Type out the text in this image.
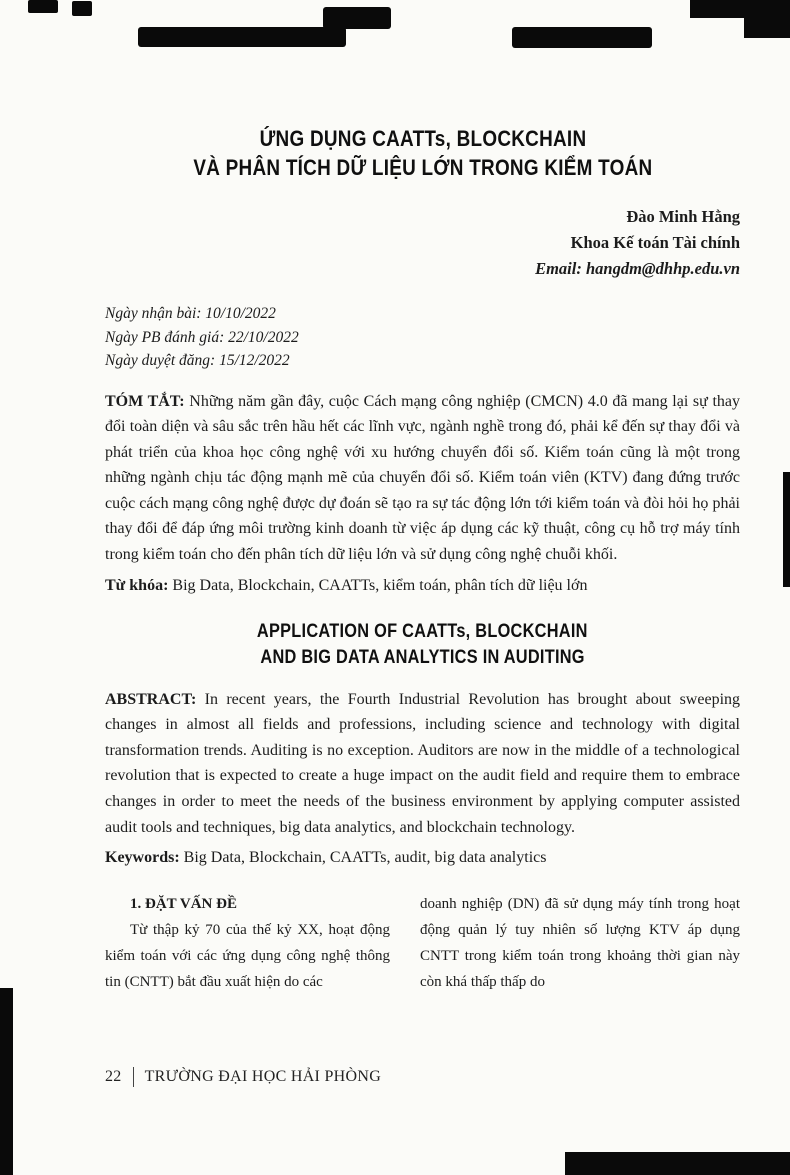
ỨNG DỤNG CAATTs, BLOCKCHAIN
VÀ PHÂN TÍCH DỮ LIỆU LỚN TRONG KIỂM TOÁN
Đào Minh Hằng
Khoa Kế toán Tài chính
Email: hangdm@dhhp.edu.vn
Ngày nhận bài: 10/10/2022
Ngày PB đánh giá: 22/10/2022
Ngày duyệt đăng: 15/12/2022

TÓM TẮT: Những năm gần đây, cuộc Cách mạng công nghiệp (CMCN) 4.0 đã mang lại sự thay đổi toàn diện và sâu sắc trên hầu hết các lĩnh vực, ngành nghề trong đó, phải kể đến sự thay đổi và phát triển của khoa học công nghệ với xu hướng chuyển đổi số. Kiểm toán cũng là một trong những ngành chịu tác động mạnh mẽ của chuyển đổi số. Kiểm toán viên (KTV) đang đứng trước cuộc cách mạng công nghệ được dự đoán sẽ tạo ra sự tác động lớn tới kiểm toán và đòi hỏi họ phải thay đổi để đáp ứng môi trường kinh doanh từ việc áp dụng các kỹ thuật, công cụ hỗ trợ máy tính trong kiểm toán cho đến phân tích dữ liệu lớn và sử dụng công nghệ chuỗi khối.

Từ khóa: Big Data, Blockchain, CAATTs, kiểm toán, phân tích dữ liệu lớn

APPLICATION OF CAATTs, BLOCKCHAIN
AND BIG DATA ANALYTICS IN AUDITING

ABSTRACT: In recent years, the Fourth Industrial Revolution has brought about sweeping changes in almost all fields and professions, including science and technology with digital transformation trends. Auditing is no exception. Auditors are now in the middle of a technological revolution that is expected to create a huge impact on the audit field and require them to embrace changes in order to meet the needs of the business environment by applying computer assisted audit tools and techniques, big data analytics, and blockchain technology.

Keywords: Big Data, Blockchain, CAATTs, audit, big data analytics

1. ĐẶT VẤN ĐỀ

Từ thập kỷ 70 của thế kỷ XX, hoạt động kiểm toán với các ứng dụng công nghệ thông tin (CNTT) bắt đầu xuất hiện do các

doanh nghiệp (DN) đã sử dụng máy tính trong hoạt động quản lý tuy nhiên số lượng KTV áp dụng CNTT trong kiểm toán trong khoảng thời gian này còn khá thấp thấp do

22 TRƯỜNG ĐẠI HỌC HẢI PHÒNG
